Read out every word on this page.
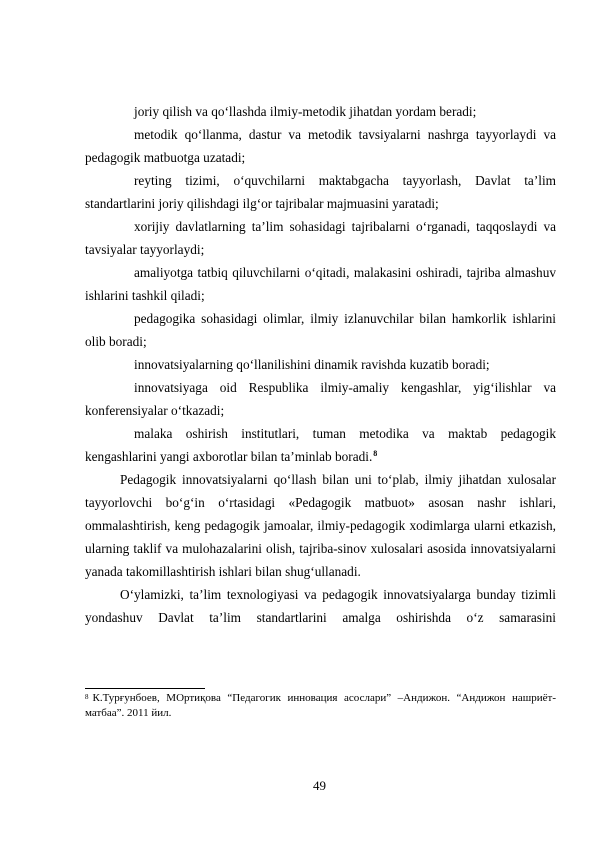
joriy qilish va qo‘llashda ilmiy-metodik jihatdan yordam beradi;

metodik qo‘llanma, dastur va metodik tavsiyalarni nashrga tayyorlaydi va pedagogik matbuotga uzatadi;

reyting tizimi, o‘quvchilarni maktabgacha tayyorlash, Davlat ta’lim standartlarini joriy qilishdagi ilg‘or tajribalar majmuasini yaratadi;

xorijiy davlatlarning ta’lim sohasidagi tajribalarni o‘rganadi, taqqoslaydi va tavsiyalar tayyorlaydi;

amaliyotga tatbiq qiluvchilarni o‘qitadi, malakasini oshiradi, tajriba almashuv ishlarini tashkil qiladi;

pedagogika sohasidagi olimlar, ilmiy izlanuvchilar bilan hamkorlik ishlarini olib boradi;

innovatsiyalarning qo‘llanilishini dinamik ravishda kuzatib boradi;

innovatsiyaga oid Respublika ilmiy-amaliy kengashlar, yig‘ilishlar va konferensiyalar o‘tkazadi;

malaka oshirish institutlari, tuman metodika va maktab pedagogik kengashlarini yangi axborotlar bilan ta’minlab boradi.$^8$

Pedagogik innovatsiyalarni qo‘llash bilan uni to‘plab, ilmiy jihatdan xulosalar tayyorlovchi bo‘g‘in o‘rtasidagi «Pedagogik matbuot» asosan nashr ishlari, ommalashtirish, keng pedagogik jamoalar, ilmiy-pedagogik xodimlarga ularni etkazish, ularning taklif va mulohazalarini olish, tajriba-sinov xulosalari asosida innovatsiyalarni yanada takomillashtirish ishlari bilan shug‘ullanadi.

O‘ylamizki, ta’lim texnologiyasi va pedagogik innovatsiyalarga bunday tizimli yondashuv Davlat ta’lim standartlarini amalga oshirishda o‘z samarasini

$^8$ К.Турғунбоев, МОртиқова “Педагогик инновация асослари” –Андижон. “Андижон нашриёт-матбаа”. 2011 йил.

49
